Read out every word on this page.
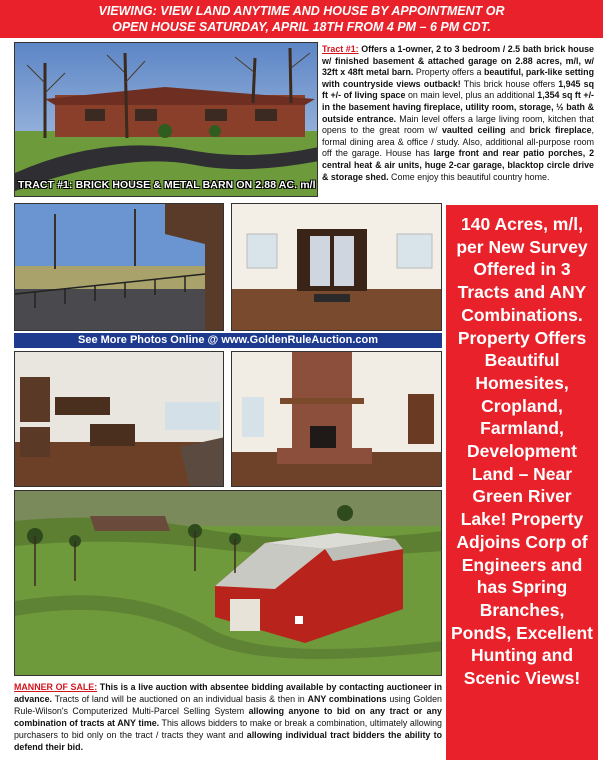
VIEWING: VIEW LAND ANYTIME AND HOUSE BY APPOINTMENT OR
OPEN HOUSE SATURDAY, APRIL 18TH FROM 4 PM – 6 PM CDT.
TRACT #1: BRICK HOUSE & METAL BARN ON 2.88 AC. m/l
Tract #1: Offers a 1-owner, 2 to 3 bedroom / 2.5 bath brick house w/ finished basement & attached garage on 2.88 acres, m/l, w/ 32ft x 48ft metal barn. Property offers a beautiful, park-like setting with countryside views outback! This brick house offers 1,945 sq ft +/- of living space on main level, plus an additional 1,354 sq ft +/- in the basement having fireplace, utility room, storage, ½ bath & outside entrance. Main level offers a large living room, kitchen that opens to the great room w/ vaulted ceiling and brick fireplace, formal dining area & office / study. Also, additional all-purpose room off the garage. House has large front and rear patio porches, 2 central heat & air units, huge 2-car garage, blacktop circle drive & storage shed. Come enjoy this beautiful country home.
See More Photos Online @ www.GoldenRuleAuction.com
140 Acres, m/l, per New Survey Offered in 3 Tracts and ANY Combinations. Property Offers Beautiful Homesites, Cropland, Farmland, Development Land – Near Green River Lake! Property Adjoins Corp of Engineers and has Spring Branches, PondS, Excellent Hunting and Scenic Views!
MANNER OF SALE: This is a live auction with absentee bidding available by contacting auctioneer in advance. Tracts of land will be auctioned on an individual basis & then in ANY combinations using Golden Rule-Wilson's Computerized Multi-Parcel Selling System allowing anyone to bid on any tract or any combination of tracts at ANY time. This allows bidders to make or break a combination, ultimately allowing purchasers to bid only on the tract / tracts they want and allowing individual tract bidders the ability to defend their bid.
